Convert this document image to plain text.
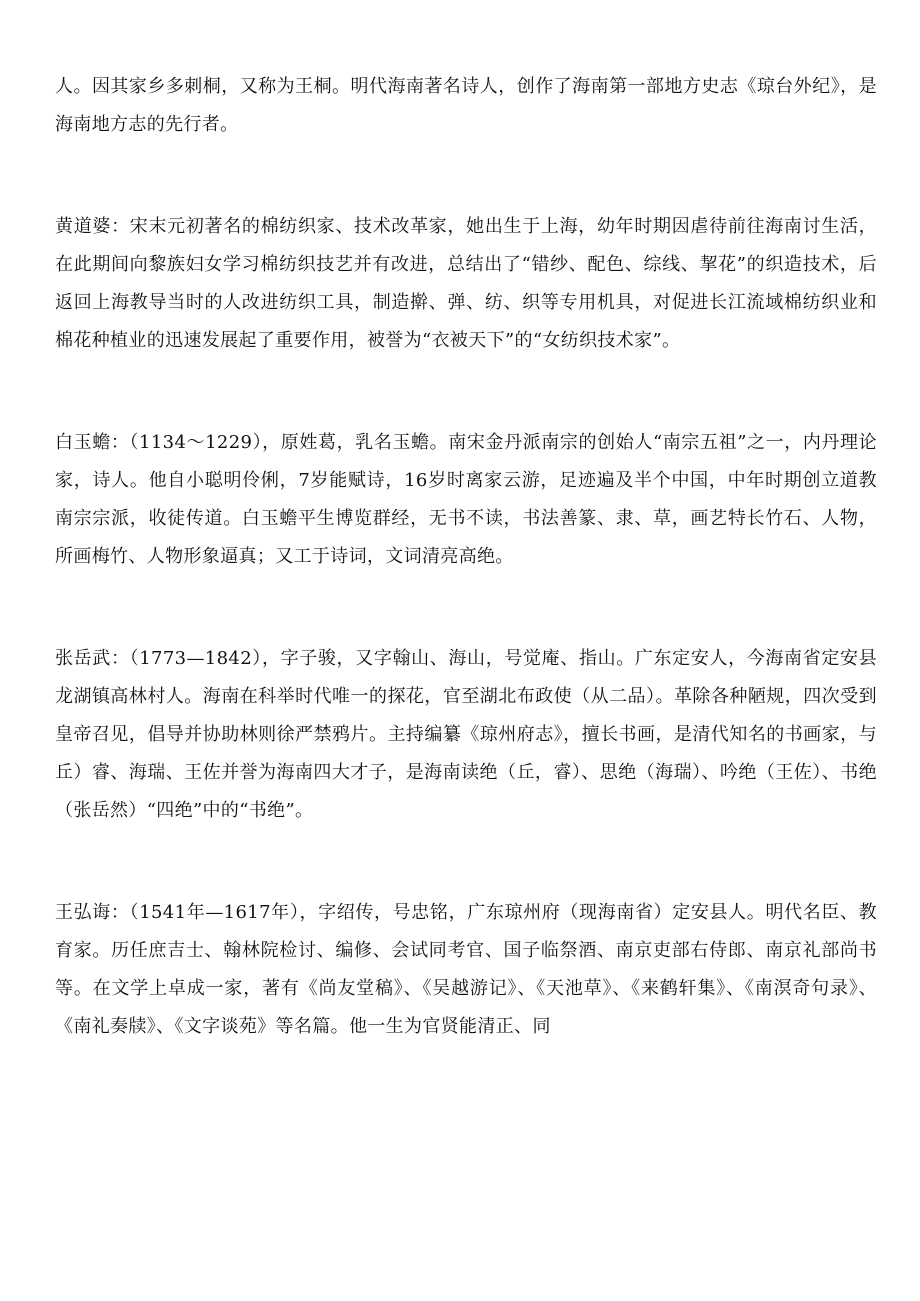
人。因其家乡多刺桐，又称为王桐。明代海南著名诗人，创作了海南第一部地方史志《琼台外纪》，是海南地方志的先行者。

黄道婆：宋末元初著名的棉纺织家、技术改革家，她出生于上海，幼年时期因虐待前往海南讨生活，在此期间向黎族妇女学习棉纺织技艺并有改进，总结出了“错纱、配色、综线、挈花”的织造技术，后返回上海教导当时的人改进纺织工具，制造擀、弹、纺、织等专用机具，对促进长江流域棉纺织业和棉花种植业的迅速发展起了重要作用，被誉为“衣被天下”的“女纺织技术家”。

白玉蟾：（1134～1229），原姓葛，乳名玉蟾。南宋金丹派南宗的创始人“南宗五祖”之一，内丹理论家，诗人。他自小聪明伶俐，7岁能赋诗，16岁时离家云游，足迹遍及半个中国，中年时期创立道教南宗宗派，收徒传道。白玉蟾平生博览群经，无书不读，书法善篆、隶、草，画艺特长竹石、人物，所画梅竹、人物形象逼真；又工于诗词，文词清亮高绝。

张岳武：（1773—1842），字子骏，又字翰山、海山，号觉庵、指山。广东定安人，今海南省定安县龙湖镇高林村人。海南在科举时代唯一的探花，官至湖北布政使（从二品）。革除各种陋规，四次受到皇帝召见，倡导并协助林则徐严禁鸦片。主持编纂《琼州府志》，擅长书画，是清代知名的书画家，与丘）睿、海瑞、王佐并誉为海南四大才子，是海南读绝（丘，睿）、思绝（海瑞）、吟绝（王佐）、书绝（张岳然）“四绝”中的“书绝”。

王弘诲：（1541年—1617年），字绍传，号忠铭，广东琼州府（现海南省）定安县人。明代名臣、教育家。历任庶吉士、翰林院检讨、编修、会试同考官、国子临祭酒、南京吏部右侍郎、南京礼部尚书等。在文学上卓成一家，著有《尚友堂稿》、《吴越游记》、《天池草》、《来鹤轩集》、《南溟奇句录》、《南礼奏牍》、《文字谈苑》等名篇。他一生为官贤能清正、同
